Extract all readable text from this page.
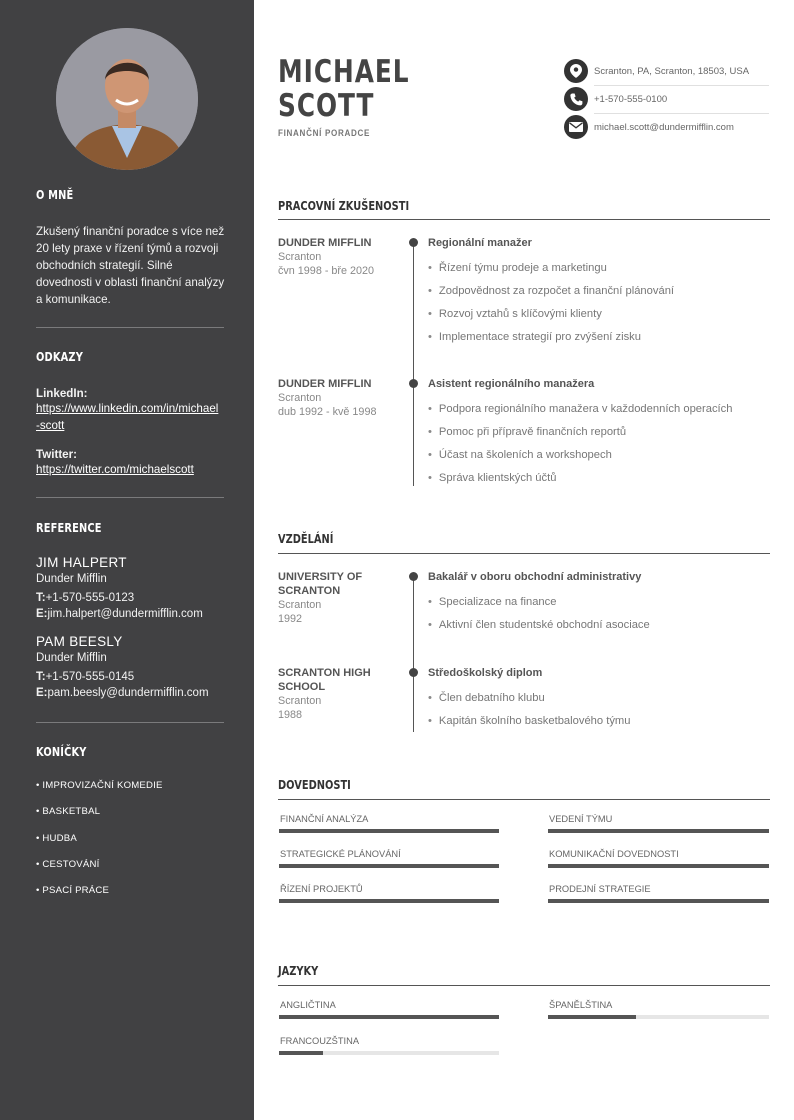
O MNĚ
Zkušený finanční poradce s více než 20 lety praxe v řízení týmů a rozvoji obchodních strategií. Silné dovednosti v oblasti finanční analýzy a komunikace.
ODKAZY
LinkedIn:
https://www.linkedin.com/in/michael-scott
Twitter:
https://twitter.com/michaelscott
REFERENCE
JIM HALPERT
Dunder Mifflin
T:+1-570-555-0123
E:jim.halpert@dundermifflin.com
PAM BEESLY
Dunder Mifflin
T:+1-570-555-0145
E:pam.beesly@dundermifflin.com
KONÍČKY
• IMPROVIZAČNÍ KOMEDIE
• BASKETBAL
• HUDBA
• CESTOVÁNÍ
• PSACÍ PRÁCE
MICHAEL
SCOTT
FINANČNÍ PORADCE
Scranton, PA, Scranton, 18503, USA
+1-570-555-0100
michael.scott@dundermifflin.com
PRACOVNÍ ZKUŠENOSTI
DUNDER MIFFLIN
Scranton
čvn 1998 - bře 2020
Regionální manažer
• Řízení týmu prodeje a marketingu
• Zodpovědnost za rozpočet a finanční plánování
• Rozvoj vztahů s klíčovými klienty
• Implementace strategií pro zvýšení zisku
DUNDER MIFFLIN
Scranton
dub 1992 - kvě 1998
Asistent regionálního manažera
• Podpora regionálního manažera v každodenních operacích
• Pomoc při přípravě finančních reportů
• Účast na školeních a workshopech
• Správa klientských účtů
VZDĚLÁNÍ
UNIVERSITY OF
SCRANTON
Scranton
1992
Bakalář v oboru obchodní administrativy
• Specializace na finance
• Aktivní člen studentské obchodní asociace
SCRANTON HIGH
SCHOOL
Scranton
1988
Středoškolský diplom
• Člen debatního klubu
• Kapitán školního basketbalového týmu
DOVEDNOSTI
FINANČNÍ ANALÝZA	VEDENÍ TÝMU
STRATEGICKÉ PLÁNOVÁNÍ	KOMUNIKAČNÍ DOVEDNOSTI
ŘÍZENÍ PROJEKTŮ	PRODEJNÍ STRATEGIE
JAZYKY
ANGLIČTINA	ŠPANĚLŠTINA
FRANCOUZŠTINA
